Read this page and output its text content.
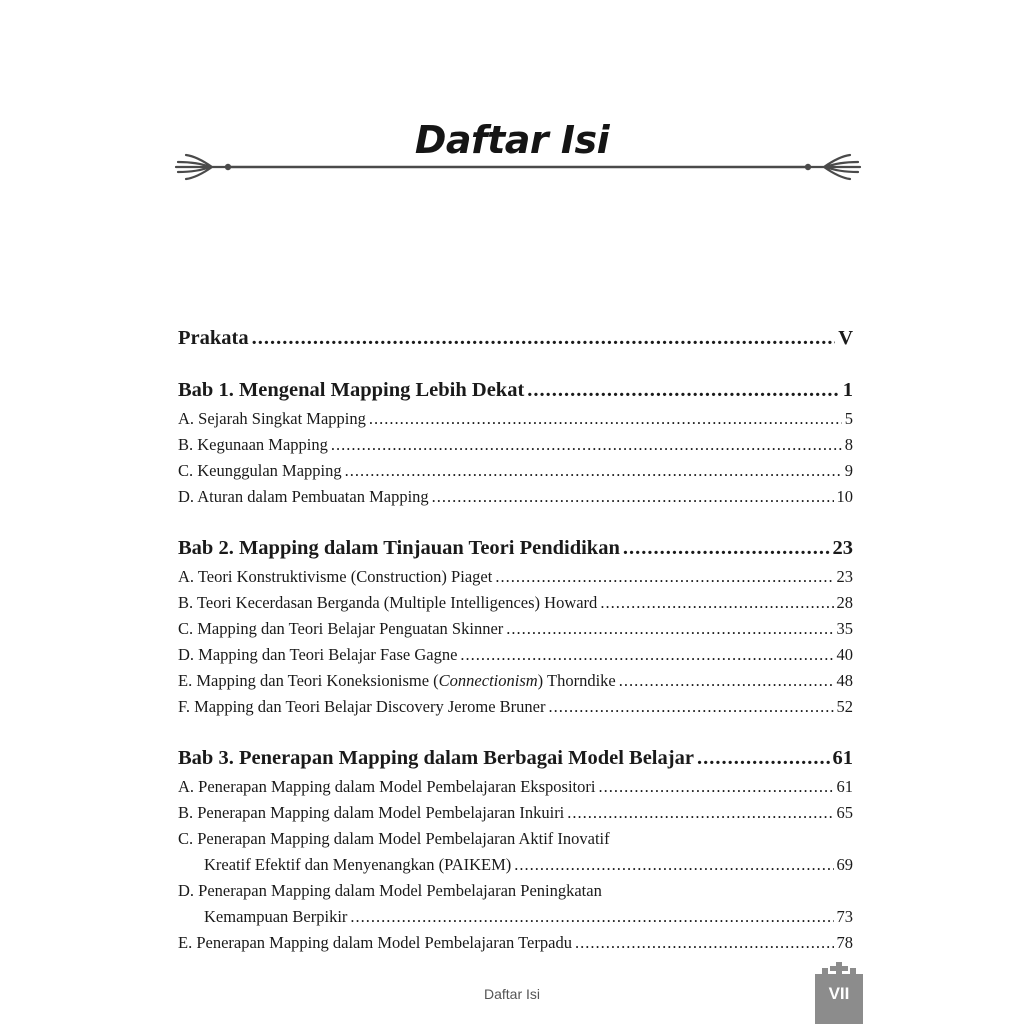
Daftar Isi
Prakata .....	V
Bab 1. Mengenal Mapping Lebih Dekat .....	1
A. Sejarah Singkat Mapping .....	5
B. Kegunaan Mapping .....	8
C. Keunggulan Mapping .....	9
D. Aturan dalam Pembuatan Mapping .....	10
Bab 2. Mapping dalam Tinjauan Teori Pendidikan .....	23
A. Teori Konstruktivisme (Construction) Piaget .....	23
B. Teori Kecerdasan Berganda (Multiple Intelligences) Howard .....	28
C. Mapping dan Teori Belajar Penguatan Skinner .....	35
D. Mapping dan Teori Belajar Fase Gagne .....	40
E. Mapping dan Teori Koneksionisme (Connectionism) Thorndike .....	48
F. Mapping dan Teori Belajar Discovery Jerome Bruner .....	52
Bab 3. Penerapan Mapping dalam Berbagai Model Belajar .....	61
A. Penerapan Mapping dalam Model Pembelajaran Ekspositori .....	61
B. Penerapan Mapping dalam Model Pembelajaran Inkuiri .....	65
C. Penerapan Mapping dalam Model Pembelajaran Aktif Inovatif
Kreatif Efektif dan Menyenangkan (PAIKEM) .....	69
D. Penerapan Mapping dalam Model Pembelajaran Peningkatan
Kemampuan Berpikir .....	73
E. Penerapan Mapping dalam Model Pembelajaran Terpadu .....	78
Daftar Isi	VII
